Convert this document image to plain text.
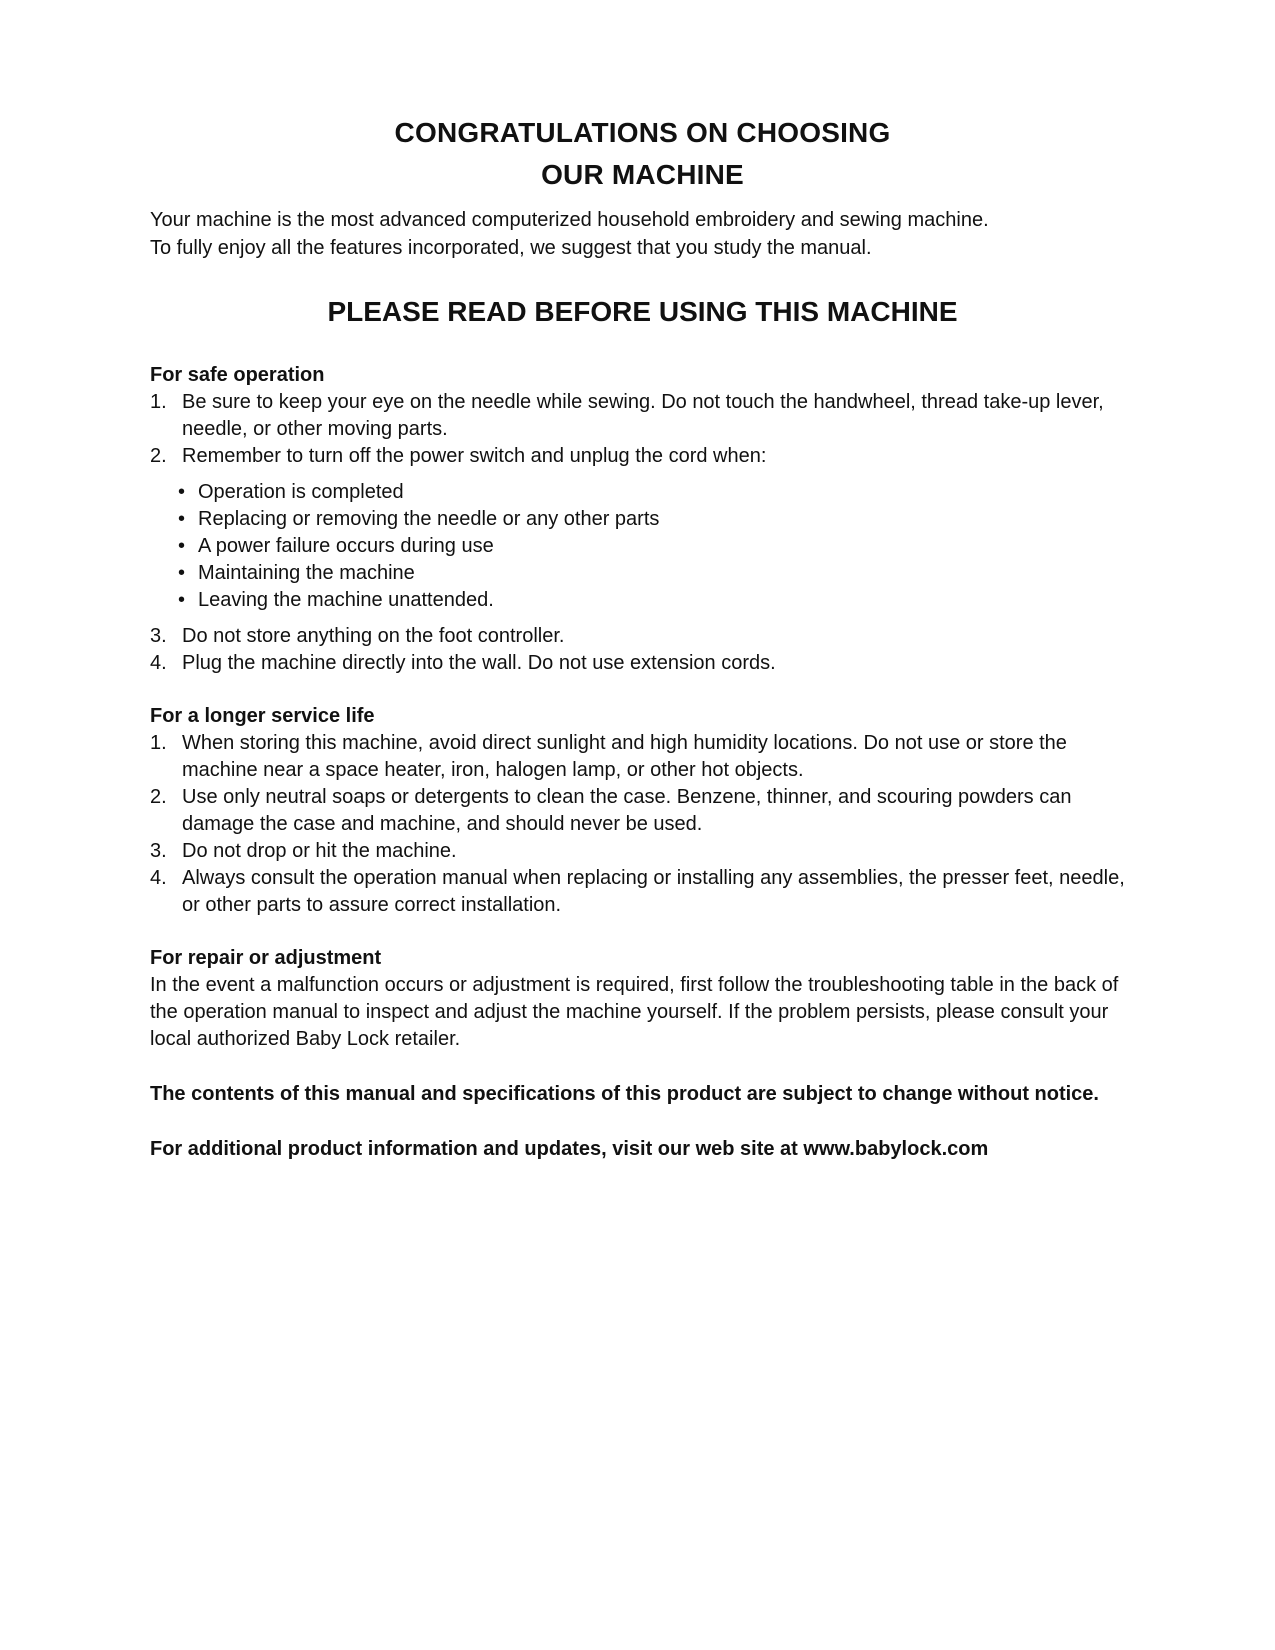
CONGRATULATIONS ON CHOOSING
OUR MACHINE

Your machine is the most advanced computerized household embroidery and sewing machine.

To fully enjoy all the features incorporated, we suggest that you study the manual.

PLEASE READ BEFORE USING THIS MACHINE

For safe operation

1. Be sure to keep your eye on the needle while sewing. Do not touch the handwheel, thread take-up lever, needle, or other moving parts.
2. Remember to turn off the power switch and unplug the cord when:
• Operation is completed
• Replacing or removing the needle or any other parts
• A power failure occurs during use
• Maintaining the machine
• Leaving the machine unattended.
3. Do not store anything on the foot controller.
4. Plug the machine directly into the wall. Do not use extension cords.

For a longer service life

1. When storing this machine, avoid direct sunlight and high humidity locations. Do not use or store the machine near a space heater, iron, halogen lamp, or other hot objects.
2. Use only neutral soaps or detergents to clean the case. Benzene, thinner, and scouring powders can damage the case and machine, and should never be used.
3. Do not drop or hit the machine.
4. Always consult the operation manual when replacing or installing any assemblies, the presser feet, needle, or other parts to assure correct installation.

For repair or adjustment

In the event a malfunction occurs or adjustment is required, first follow the troubleshooting table in the back of the operation manual to inspect and adjust the machine yourself. If the problem persists, please consult your local authorized Baby Lock retailer.

The contents of this manual and specifications of this product are subject to change without notice.

For additional product information and updates, visit our web site at www.babylock.com
